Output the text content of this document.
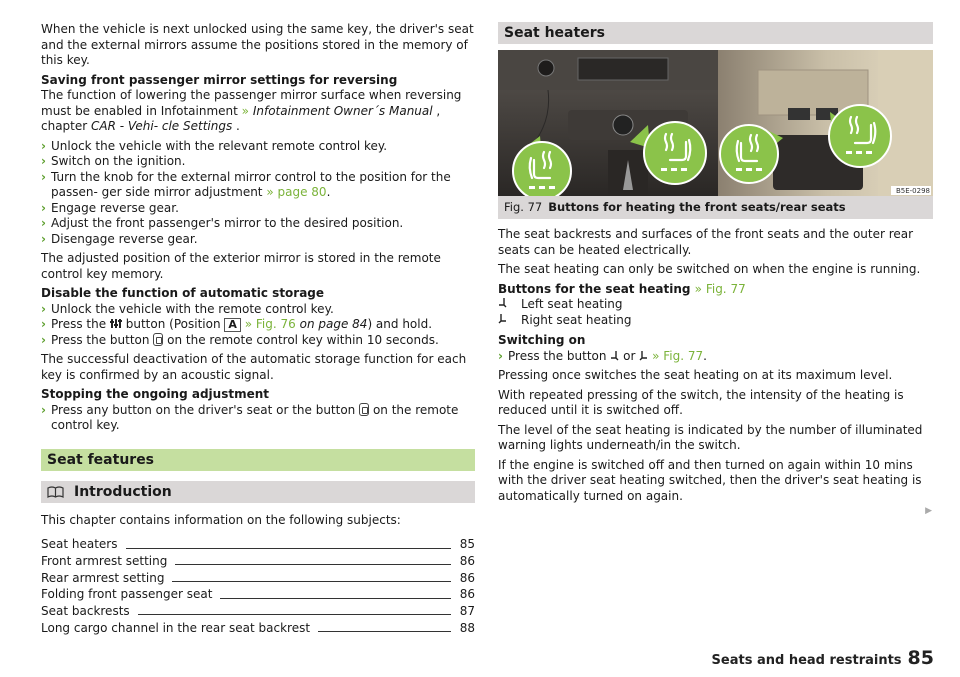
When the vehicle is next unlocked using the same key, the driver's seat and the external mirrors assume the positions stored in the memory of this key.

Saving front passenger mirror settings for reversing

The function of lowering the passenger mirror surface when reversing must be enabled in Infotainment » Infotainment Owner´s Manual , chapter CAR - Vehi- cle Settings .

› Unlock the vehicle with the relevant remote control key.
› Switch on the ignition.
› Turn the knob for the external mirror control to the position for the passen- ger side mirror adjustment » page 80.
› Engage reverse gear.
› Adjust the front passenger's mirror to the desired position.
› Disengage reverse gear.

The adjusted position of the exterior mirror is stored in the remote control key memory.

Disable the function of automatic storage

› Unlock the vehicle with the remote control key.
› Press the button (Position A » Fig. 76 on page 84) and hold.
› Press the button on the remote control key within 10 seconds.

The successful deactivation of the automatic storage function for each key is confirmed by an acoustic signal.

Stopping the ongoing adjustment

› Press any button on the driver's seat or the button on the remote control key.
Seat features
Introduction

This chapter contains information on the following subjects:

Seat heaters	85
Front armrest setting	86
Rear armrest setting	86
Folding front passenger seat	86
Seat backrests	87
Long cargo channel in the rear seat backrest	88
Seat heaters
B5E-0298
Fig. 77 Buttons for heating the front seats/rear seats

The seat backrests and surfaces of the front seats and the outer rear seats can be heated electrically.

The seat heating can only be switched on when the engine is running.

Buttons for the seat heating » Fig. 77

Left seat heating
Right seat heating

Switching on

› Press the button or » Fig. 77.

Pressing once switches the seat heating on at its maximum level.

With repeated pressing of the switch, the intensity of the heating is reduced until it is switched off.

The level of the seat heating is indicated by the number of illuminated warning lights underneath/in the switch.

If the engine is switched off and then turned on again within 10 mins with the driver seat heating switched, then the driver's seat heating is automatically turned on again.

▶
Seats and head restraints 85
